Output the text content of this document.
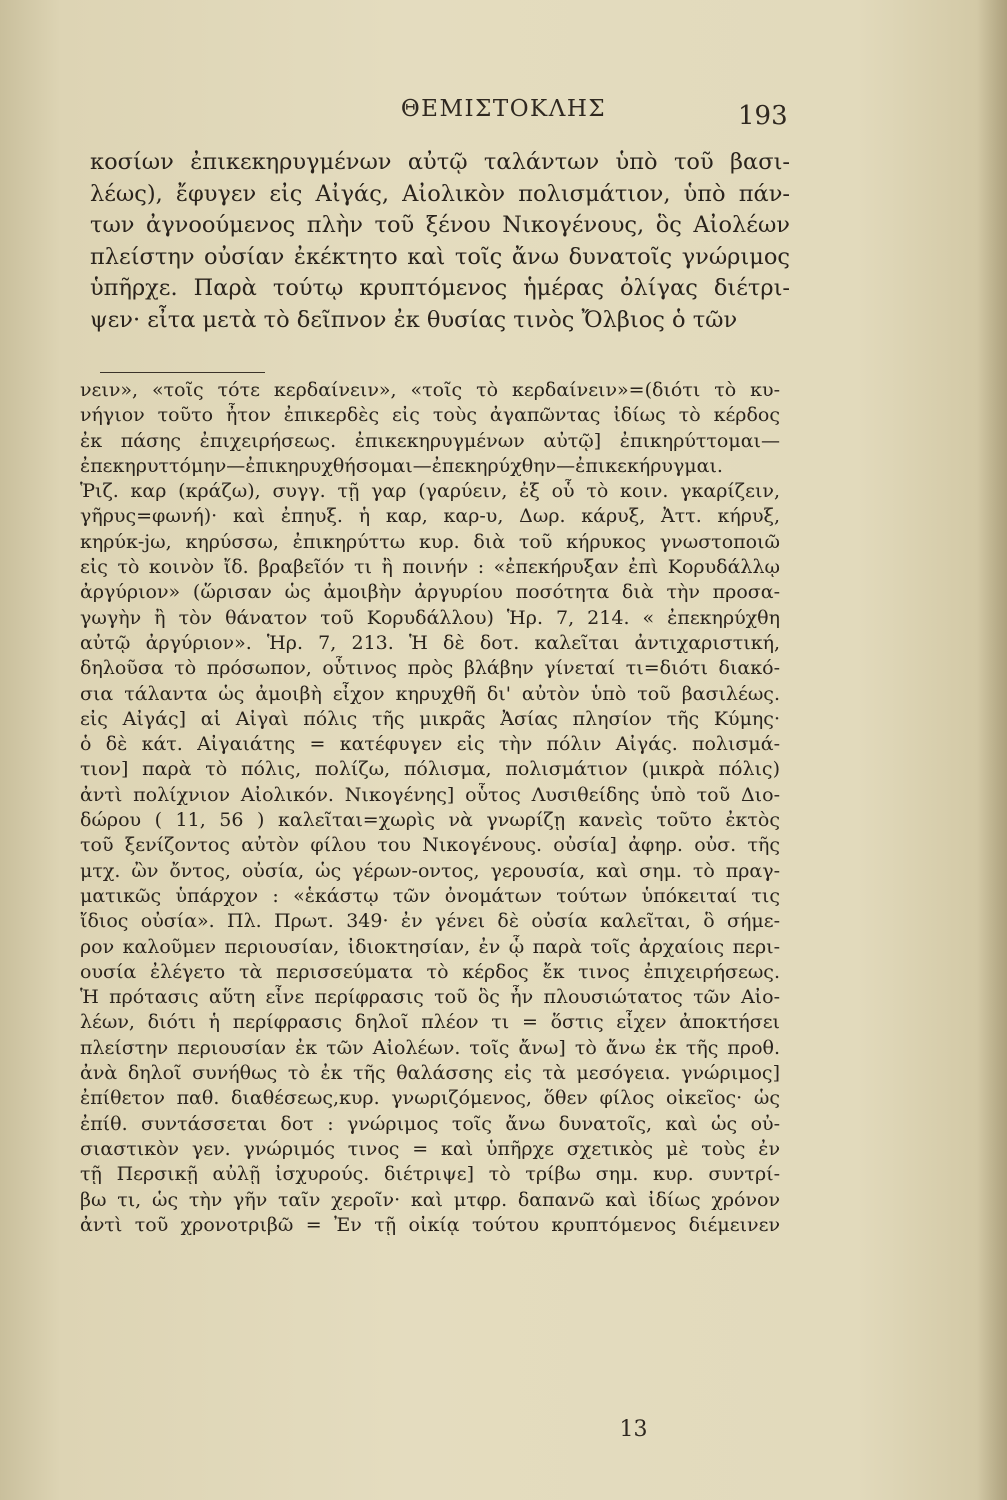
ΘΕΜΙΣΤΟΚΛΗΣ	193
κοσίων ἐπικεκηρυγμένων αὐτῷ ταλάντων ὑπὸ τοῦ βασι-
λέως), ἔφυγεν εἰς Αἰγάς, Αἰολικὸν πολισμάτιον, ὑπὸ πάν-
των ἀγνοούμενος πλὴν τοῦ ξένου Νικογένους, ὃς Αἰολέων
πλείστην οὐσίαν ἐκέκτητο καὶ τοῖς ἄνω δυνατοῖς γνώριμος
ὑπῆρχε. Παρὰ τούτῳ κρυπτόμενος ἡμέρας ὀλίγας διέτρι-
ψεν· εἶτα μετὰ τὸ δεῖπνον ἐκ θυσίας τινὸς Ὄλβιος ὁ τῶν
νειν», «τοῖς τότε κερδαίνειν», «τοῖς τὸ κερδαίνειν»=(διότι τὸ κυ-
νήγιον τοῦτο ἦτον ἐπικερδὲς εἰς τοὺς ἀγαπῶντας ἰδίως τὸ κέρδος
ἐκ πάσης ἐπιχειρήσεως. ἐπικεκηρυγμένων αὐτῷ] ἐπικηρύττομαι—
ἐπεκηρυττόμην—ἐπικηρυχθήσομαι—ἐπεκηρύχθην—ἐπικεκήρυγμαι.
Ῥιζ. καρ (κράζω), συγγ. τῇ γαρ (γαρύειν, ἐξ οὗ τὸ κοιν. γκαρίζειν,
γῆρυς=φωνή)· καὶ ἐπηυξ. ἡ καρ, καρ-υ, Δωρ. κάρυξ, Ἀττ. κήρυξ,
κηρύκ-jω, κηρύσσω, ἐπικηρύττω κυρ. διὰ τοῦ κήρυκος γνωστοποιῶ
εἰς τὸ κοινὸν ἴδ. βραβεῖόν τι ἢ ποινήν : «ἐπεκήρυξαν ἐπὶ Κορυδάλλῳ
ἀργύριον» (ὥρισαν ὡς ἀμοιβὴν ἀργυρίου ποσότητα διὰ τὴν προσα-
γωγὴν ἢ τὸν θάνατον τοῦ Κορυδάλλου) Ἡρ. 7, 214. « ἐπεκηρύχθη
αὐτῷ ἀργύριον». Ἡρ. 7, 213. Ἡ δὲ δοτ. καλεῖται ἀντιχαριστική,
δηλοῦσα τὸ πρόσωπον, οὗτινος πρὸς βλάβην γίνεταί τι=διότι διακό-
σια τάλαντα ὡς ἀμοιβὴ εἶχον κηρυχθῆ δι' αὐτὸν ὑπὸ τοῦ βασιλέως.
εἰς Αἰγάς] αἱ Αἰγαὶ πόλις τῆς μικρᾶς Ἀσίας πλησίον τῆς Κύμης·
ὁ δὲ κάτ. Αἰγαιάτης = κατέφυγεν εἰς τὴν πόλιν Αἰγάς. πολισμά-
τιον] παρὰ τὸ πόλις, πολίζω, πόλισμα, πολισμάτιον (μικρὰ πόλις)
ἀντὶ πολίχνιον Αἰολικόν. Νικογένης] οὗτος Λυσιθείδης ὑπὸ τοῦ Διο-
δώρου ( 11, 56 ) καλεῖται=χωρὶς νὰ γνωρίζῃ κανεὶς τοῦτο ἐκτὸς
τοῦ ξενίζοντος αὐτὸν φίλου του Νικογένους. οὐσία] ἀφηρ. οὐσ. τῆς
μτχ. ὢν ὄντος, οὐσία, ὡς γέρων-οντος, γερουσία, καὶ σημ. τὸ πραγ-
ματικῶς ὑπάρχον : «ἑκάστῳ τῶν ὀνομάτων τούτων ὑπόκειταί τις
ἴδιος οὐσία». Πλ. Πρωτ. 349· ἐν γένει δὲ οὐσία καλεῖται, ὃ σήμε-
ρον καλοῦμεν περιουσίαν, ἰδιοκτησίαν, ἐν ᾧ παρὰ τοῖς ἀρχαίοις περι-
ουσία ἐλέγετο τὰ περισσεύματα τὸ κέρδος ἔκ τινος ἐπιχειρήσεως.
Ἡ πρότασις αὕτη εἶνε περίφρασις τοῦ ὃς ἦν πλουσιώτατος τῶν Αἰο-
λέων, διότι ἡ περίφρασις δηλοῖ πλέον τι = ὅστις εἶχεν ἀποκτήσει
πλείστην περιουσίαν ἐκ τῶν Αἰολέων. τοῖς ἄνω] τὸ ἄνω ἐκ τῆς προθ.
ἀνὰ δηλοῖ συνήθως τὸ ἐκ τῆς θαλάσσης εἰς τὰ μεσόγεια. γνώριμος]
ἐπίθετον παθ. διαθέσεως,κυρ. γνωριζόμενος, ὅθεν φίλος οἰκεῖος· ὡς
ἐπίθ. συντάσσεται δοτ : γνώριμος τοῖς ἄνω δυνατοῖς, καὶ ὡς οὐ-
σιαστικὸν γεν. γνώριμός τινος = καὶ ὑπῆρχε σχετικὸς μὲ τοὺς ἐν
τῇ Περσικῇ αὐλῇ ἰσχυρούς. διέτριψε] τὸ τρίβω σημ. κυρ. συντρί-
βω τι, ὡς τὴν γῆν ταῖν χεροῖν· καὶ μτφρ. δαπανῶ καὶ ἰδίως χρόνον
ἀντὶ τοῦ χρονοτριβῶ = Ἐν τῇ οἰκίᾳ τούτου κρυπτόμενος διέμεινεν
13
